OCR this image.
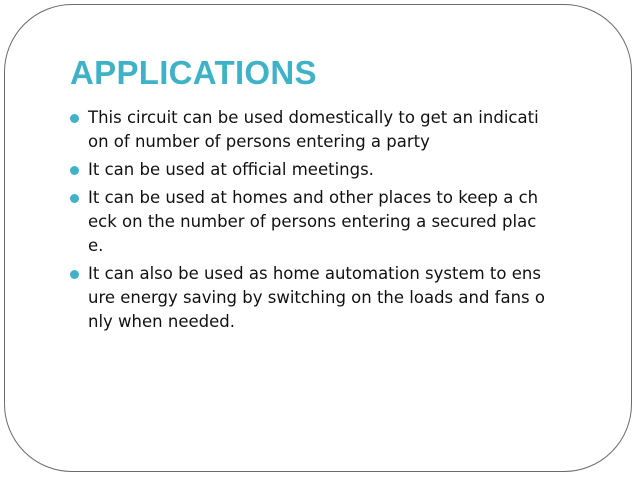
APPLICATIONS
This circuit can be used domestically to get an indicati
on of number of persons entering a party
It can be used at official meetings.
It can be used at homes and other places to keep a ch
eck on the number of persons entering a secured plac
e.
It can also be used as home automation system to ens
ure energy saving by switching on the loads and fans o
nly when needed.
